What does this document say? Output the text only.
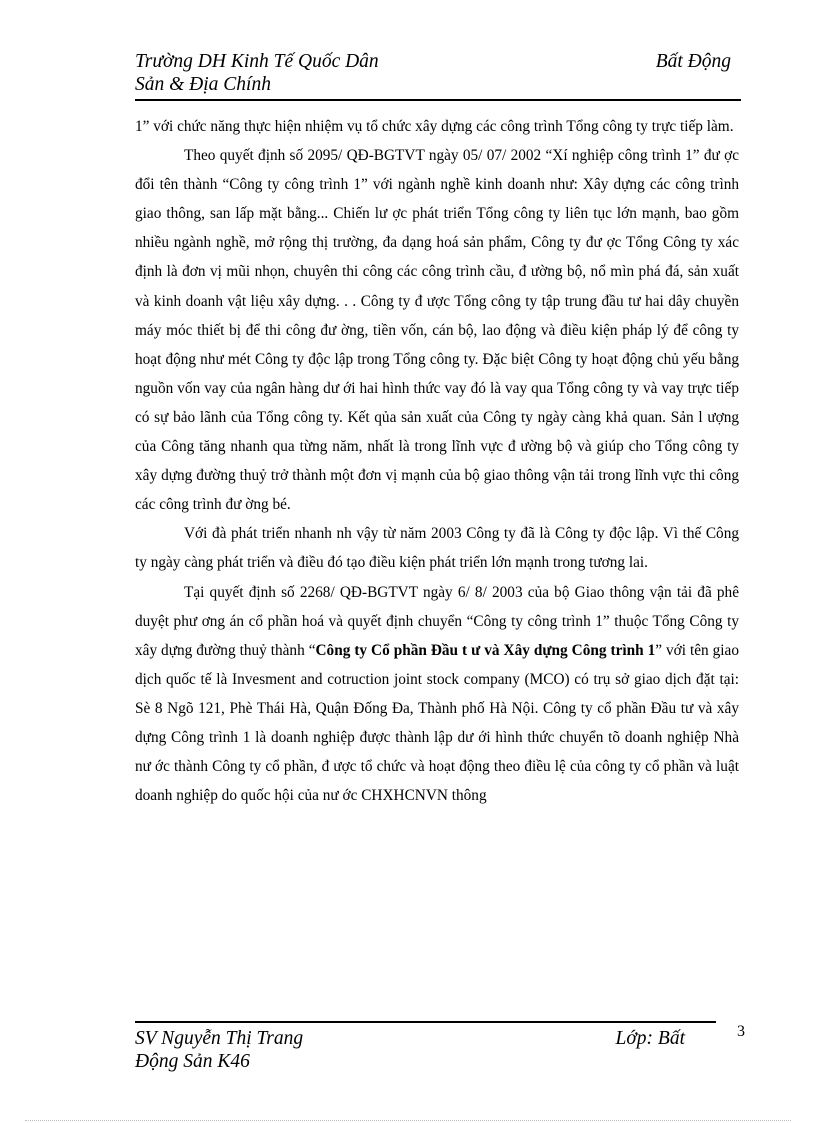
Trường DH Kinh Tế Quốc Dân	Bất Động
Sản & Địa Chính

1” với chức năng thực hiện nhiệm vụ tổ chức xây dựng các công trình Tổng công ty trực tiếp làm.

Theo quyết định số 2095/ QĐ-BGTVT ngày 05/ 07/ 2002 “Xí nghiệp công trình 1” đư ợc đổi tên thành “Công ty công trình 1” với ngành nghề kinh doanh như: Xây dựng các công trình giao thông, san lấp mặt bằng... Chiến lư ợc phát triển Tổng công ty liên tục lớn mạnh, bao gồm nhiều ngành nghề, mở rộng thị trường, đa dạng hoá sản phẩm, Công ty đư ợc Tổng Công ty xác định là đơn vị mũi nhọn, chuyên thi công các công trình cầu, đ ường bộ, nổ mìn phá đá, sản xuất và kinh doanh vật liệu xây dựng. . . Công ty đ ược Tổng công ty tập trung đầu tư hai dây chuyền máy móc thiết bị để thi công đư ờng, tiền vốn, cán bộ, lao động và điều kiện pháp lý để công ty hoạt động như mét Công ty độc lập trong Tổng công ty. Đặc biệt Công ty hoạt động chủ yếu bằng nguồn vốn vay của ngân hàng dư ới hai hình thức vay đó là vay qua Tổng công ty và vay trực tiếp có sự bảo lãnh của Tổng công ty. Kết qủa sản xuất của Công ty ngày càng khả quan. Sản l ượng của Công tăng nhanh qua từng năm, nhất là trong lĩnh vực đ ường bộ và giúp cho Tổng công ty xây dựng đường thuỷ trở thành một đơn vị mạnh của bộ giao thông vận tải trong lĩnh vực thi công các công trình đư ờng bé.

Với đà phát triển nhanh nh vậy từ năm 2003 Công ty đã là Công ty độc lập. Vì thế Công ty ngày càng phát triển và điều đó tạo điều kiện phát triển lớn mạnh trong tương lai.

Tại quyết định số 2268/ QĐ-BGTVT ngày 6/ 8/ 2003 của bộ Giao thông vận tải đã phê duyệt phư ơng án cổ phần hoá và quyết định chuyển “Công ty công trình 1” thuộc Tổng Công ty xây dựng đường thuỷ thành “Công ty Cổ phần Đầu t ư và Xây dựng Công trình 1” với tên giao dịch quốc tế là Invesment and cotruction joint stock company (MCO) có trụ sở giao dịch đặt tại: Sè 8 Ngõ 121, Phè Thái Hà, Quận Đống Đa, Thành phố Hà Nội. Công ty cổ phần Đầu tư và xây dựng Công trình 1 là doanh nghiệp được thành lập dư ới hình thức chuyển tõ doanh nghiệp Nhà nư ớc thành Công ty cổ phần, đ ược tổ chức và hoạt động theo điều lệ của công ty cổ phần và luật doanh nghiệp do quốc hội của nư ớc CHXHCNVN thông

SV Nguyễn Thị Trang	Lớp: Bất
Động Sản K46
3
